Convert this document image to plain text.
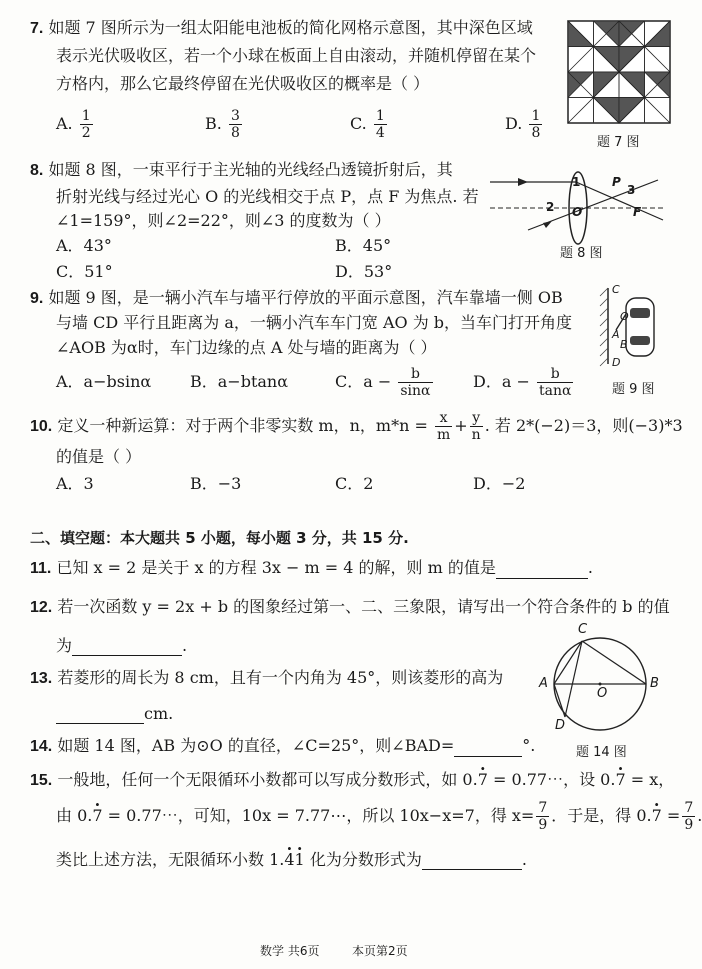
7. 如题 7 图所示为一组太阳能电池板的简化网格示意图，其中深色区域
表示光伏吸收区，若一个小球在板面上自由滚动，并随机停留在某个
方格内，那么它最终停留在光伏吸收区的概率是（ ）
A. $\frac{1}{2}$	B. $\frac{3}{8}$	C. $\frac{1}{4}$	D. $\frac{1}{8}$
题 7 图
8. 如题 8 图，一束平行于主光轴的光线经凸透镜折射后，其
折射光线与经过光心 O 的光线相交于点 P，点 F 为焦点. 若
∠1=159°，则∠2=22°，则∠3 的度数为（ ）
A．43°	B．45°
C．51°	D．53°
1	P
3
2 O	F
题 8 图
9. 如题 9 图，是一辆小汽车与墙平行停放的平面示意图，汽车靠墙一侧 OB
与墙 CD 平行且距离为 a，一辆小汽车车门宽 AO 为 b，当车门打开角度
∠AOB 为α时，车门边缘的点 A 处与墙的距离为（ ）
A．a−bsinα B．a−btanα	C．$a - \frac{b}{\sin\alpha}$	D．$a - \frac{b}{\tan\alpha}$
C
O
A
B
D
题 9 图
10. 定义一种新运算：对于两个非零实数 m，n，$m*n = \frac{x}{m} + \frac{y}{n}$ . 若 2*(−2)＝3，则(−3)*3
的值是（ ）
A．3	B．−3	C．2	D．−2
二、填空题：本大题共 5 小题，每小题 3 分，共 15 分.
11. 已知 x = 2 是关于 x 的方程 3x − m = 4 的解，则 m 的值是	.
12. 若一次函数 y = 2x + b 的图象经过第一、二、三象限，请写出一个符合条件的 b 的值
为	.
13. 若菱形的周长为 8 cm，且有一个内角为 45°，则该菱形的高为
cm.
14. 如题 14 图，AB 为⊙O 的直径，∠C=25°，则∠BAD=	°.
C
A
O
B
D
题 14 图
15. 一般地，任何一个无限循环小数都可以写成分数形式，如 0.· 7 = 0.77⋯，设 0.· 7 = x，
由 0.· 7 = 0.77⋯，可知，10x = 7.77⋯，所以 10x−x=7，得 $x= \frac{7}{9}$ ．于是，得 $0.\cdot 7 = \frac{7}{9}$ .
类比上述方法，无限循环小数 1.· 4· 1 化为分数形式为	.
数学 共6页	本页第2页
